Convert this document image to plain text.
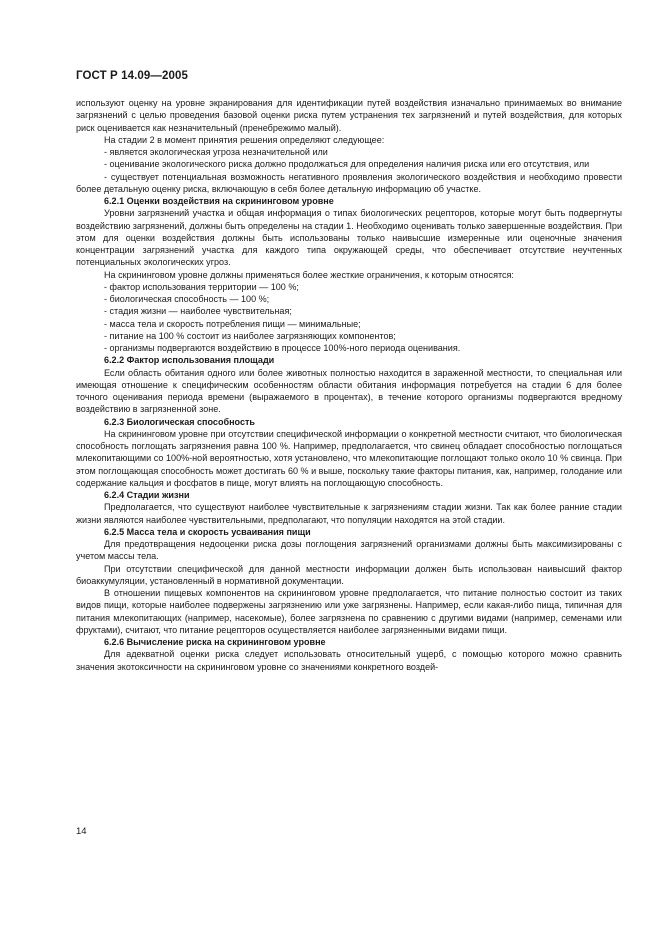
ГОСТ Р 14.09—2005

используют оценку на уровне экранирования для идентификации путей воздействия изначально принимаемых во внимание загрязнений с целью проведения базовой оценки риска путем устранения тех загрязнений и путей воздействия, для которых риск оценивается как незначительный (пренебрежимо малый).

На стадии 2 в момент принятия решения определяют следующее:

- является экологическая угроза незначительной или

- оценивание экологического риска должно продолжаться для определения наличия риска или его отсутствия, или

- существует потенциальная возможность негативного проявления экологического воздействия и необходимо провести более детальную оценку риска, включающую в себя более детальную информацию об участке.

6.2.1 Оценки воздействия на скрининговом уровне

Уровни загрязнений участка и общая информация о типах биологических рецепторов, которые могут быть подвергнуты воздействию загрязнений, должны быть определены на стадии 1. Необходимо оценивать только завершенные воздействия. При этом для оценки воздействия должны быть использованы только наивысшие измеренные или оценочные значения концентрации загрязнений участка для каждого типа окружающей среды, что обеспечивает отсутствие неучтенных потенциальных экологических угроз.

На скрининговом уровне должны применяться более жесткие ограничения, к которым относятся:

- фактор использования территории — 100 %;

- биологическая способность — 100 %;

- стадия жизни — наиболее чувствительная;

- масса тела и скорость потребления пищи — минимальные;

- питание на 100 % состоит из наиболее загрязняющих компонентов;

- организмы подвергаются воздействию в процессе 100%-ного периода оценивания.

6.2.2 Фактор использования площади

Если область обитания одного или более животных полностью находится в зараженной местности, то специальная или имеющая отношение к специфическим особенностям области обитания информация потребуется на стадии 6 для более точного оценивания периода времени (выражаемого в процентах), в течение которого организмы подвергаются вредному воздействию в загрязненной зоне.

6.2.3 Биологическая способность

На скрининговом уровне при отсутствии специфической информации о конкретной местности считают, что биологическая способность поглощать загрязнения равна 100 %. Например, предполагается, что свинец обладает способностью поглощаться млекопитающими со 100%-ной вероятностью, хотя установлено, что млекопитающие поглощают только около 10 % свинца. При этом поглощающая способность может достигать 60 % и выше, поскольку такие факторы питания, как, например, голодание или содержание кальция и фосфатов в пище, могут влиять на поглощающую способность.

6.2.4 Стадии жизни

Предполагается, что существуют наиболее чувствительные к загрязнениям стадии жизни. Так как более ранние стадии жизни являются наиболее чувствительными, предполагают, что популяции находятся на этой стадии.

6.2.5 Масса тела и скорость усваивания пищи

Для предотвращения недооценки риска дозы поглощения загрязнений организмами должны быть максимизированы с учетом массы тела.

При отсутствии специфической для данной местности информации должен быть использован наивысший фактор биоаккумуляции, установленный в нормативной документации.

В отношении пищевых компонентов на скрининговом уровне предполагается, что питание полностью состоит из таких видов пищи, которые наиболее подвержены загрязнению или уже загрязнены. Например, если какая-либо пища, типичная для питания млекопитающих (например, насекомые), более загрязнена по сравнению с другими видами (например, семенами или фруктами), считают, что питание рецепторов осуществляется наиболее загрязненными видами пищи.

6.2.6 Вычисление риска на скрининговом уровне

Для адекватной оценки риска следует использовать относительный ущерб, с помощью которого можно сравнить значения экотоксичности на скрининговом уровне со значениями конкретного воздей-

14
